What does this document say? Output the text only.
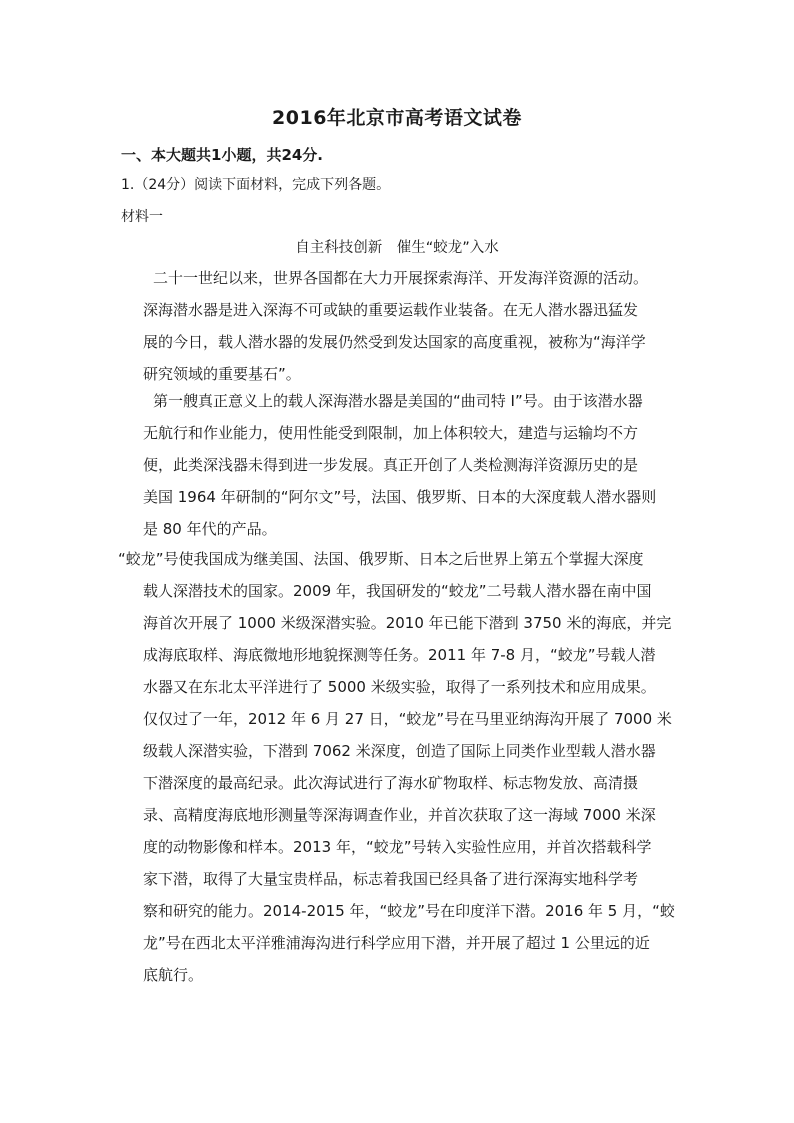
2016年北京市高考语文试卷
一、本大题共1小题，共24分.
1.（24分）阅读下面材料，完成下列各题。
材料一
自主科技创新　催生“蛟龙”入水
二十一世纪以来，世界各国都在大力开展探索海洋、开发海洋资源的活动。
深海潜水器是进入深海不可或缺的重要运载作业装备。在无人潜水器迅猛发
展的今日，载人潜水器的发展仍然受到发达国家的高度重视，被称为“海洋学
研究领域的重要基石”。
第一艘真正意义上的载人深海潜水器是美国的“曲司特 Ⅰ”号。由于该潜水器
无航行和作业能力，使用性能受到限制，加上体积较大，建造与运输均不方
便，此类深浅器未得到进一步发展。真正开创了人类检测海洋资源历史的是
美国 1964 年研制的“阿尔文”号，法国、俄罗斯、日本的大深度载人潜水器则
是 80 年代的产品。
“蛟龙”号使我国成为继美国、法国、俄罗斯、日本之后世界上第五个掌握大深度
载人深潜技术的国家。2009 年，我国研发的“蛟龙”二号载人潜水器在南中国
海首次开展了 1000 米级深潜实验。2010 年已能下潜到 3750 米的海底，并完
成海底取样、海底微地形地貌探测等任务。2011 年 7-8 月，“蛟龙”号载人潜
水器又在东北太平洋进行了 5000 米级实验，取得了一系列技术和应用成果。
仅仅过了一年，2012 年 6 月 27 日，“蛟龙”号在马里亚纳海沟开展了 7000 米
级载人深潜实验，下潜到 7062 米深度，创造了国际上同类作业型载人潜水器
下潜深度的最高纪录。此次海试进行了海水矿物取样、标志物发放、高清摄
录、高精度海底地形测量等深海调查作业，并首次获取了这一海域 7000 米深
度的动物影像和样本。2013 年，“蛟龙”号转入实验性应用，并首次搭载科学
家下潜，取得了大量宝贵样品，标志着我国已经具备了进行深海实地科学考
察和研究的能力。2014-2015 年，“蛟龙”号在印度洋下潜。2016 年 5 月，“蛟
龙”号在西北太平洋雅浦海沟进行科学应用下潜，并开展了超过 1 公里远的近
底航行。
